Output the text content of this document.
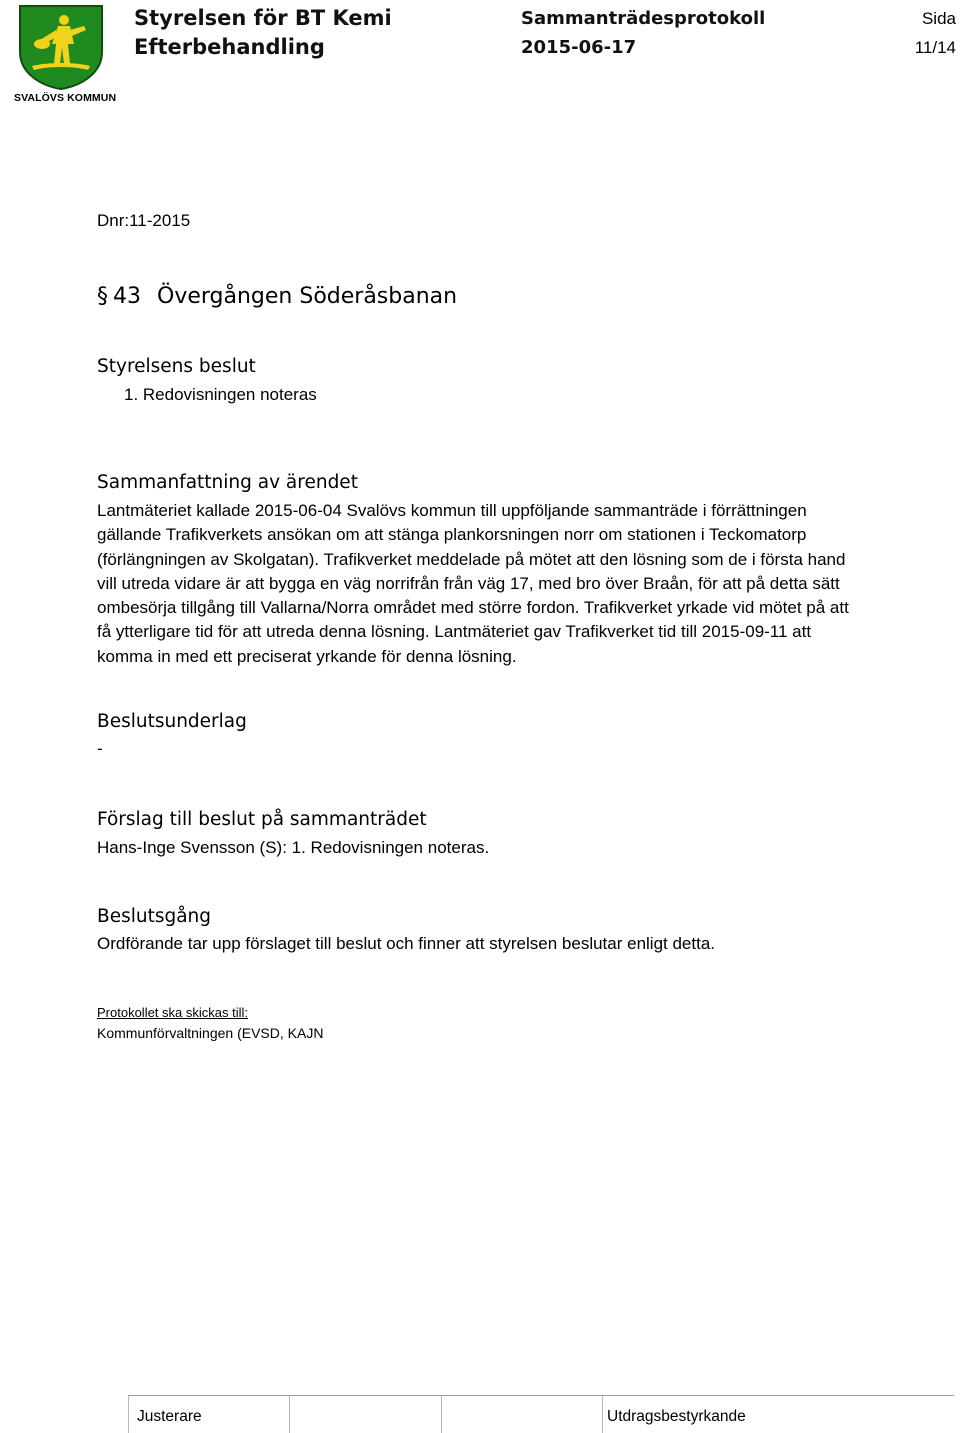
SVALÖVS KOMMUN
Styrelsen för BT Kemi
Efterbehandling
Sammanträdesprotokoll
2015-06-17
Sida
11/14
Dnr:11-2015
§ 43 Övergången Söderåsbanan
Styrelsens beslut
1. Redovisningen noteras
Sammanfattning av ärendet
Lantmäteriet kallade 2015-06-04 Svalövs kommun till uppföljande sammanträde i förrättningen
gällande Trafikverkets ansökan om att stänga plankorsningen norr om stationen i Teckomatorp
(förlängningen av Skolgatan). Trafikverket meddelade på mötet att den lösning som de i första hand
vill utreda vidare är att bygga en väg norrifrån från väg 17, med bro över Braån, för att på detta sätt
ombesörja tillgång till Vallarna/Norra området med större fordon. Trafikverket yrkade vid mötet på att
få ytterligare tid för att utreda denna lösning. Lantmäteriet gav Trafikverket tid till 2015-09-11 att
komma in med ett preciserat yrkande för denna lösning.
Beslutsunderlag
-
Förslag till beslut på sammanträdet
Hans-Inge Svensson (S): 1. Redovisningen noteras.
Beslutsgång
Ordförande tar upp förslaget till beslut och finner att styrelsen beslutar enligt detta.
Protokollet ska skickas till:
Kommunförvaltningen (EVSD, KAJN
Justerare	Utdragsbestyrkande
